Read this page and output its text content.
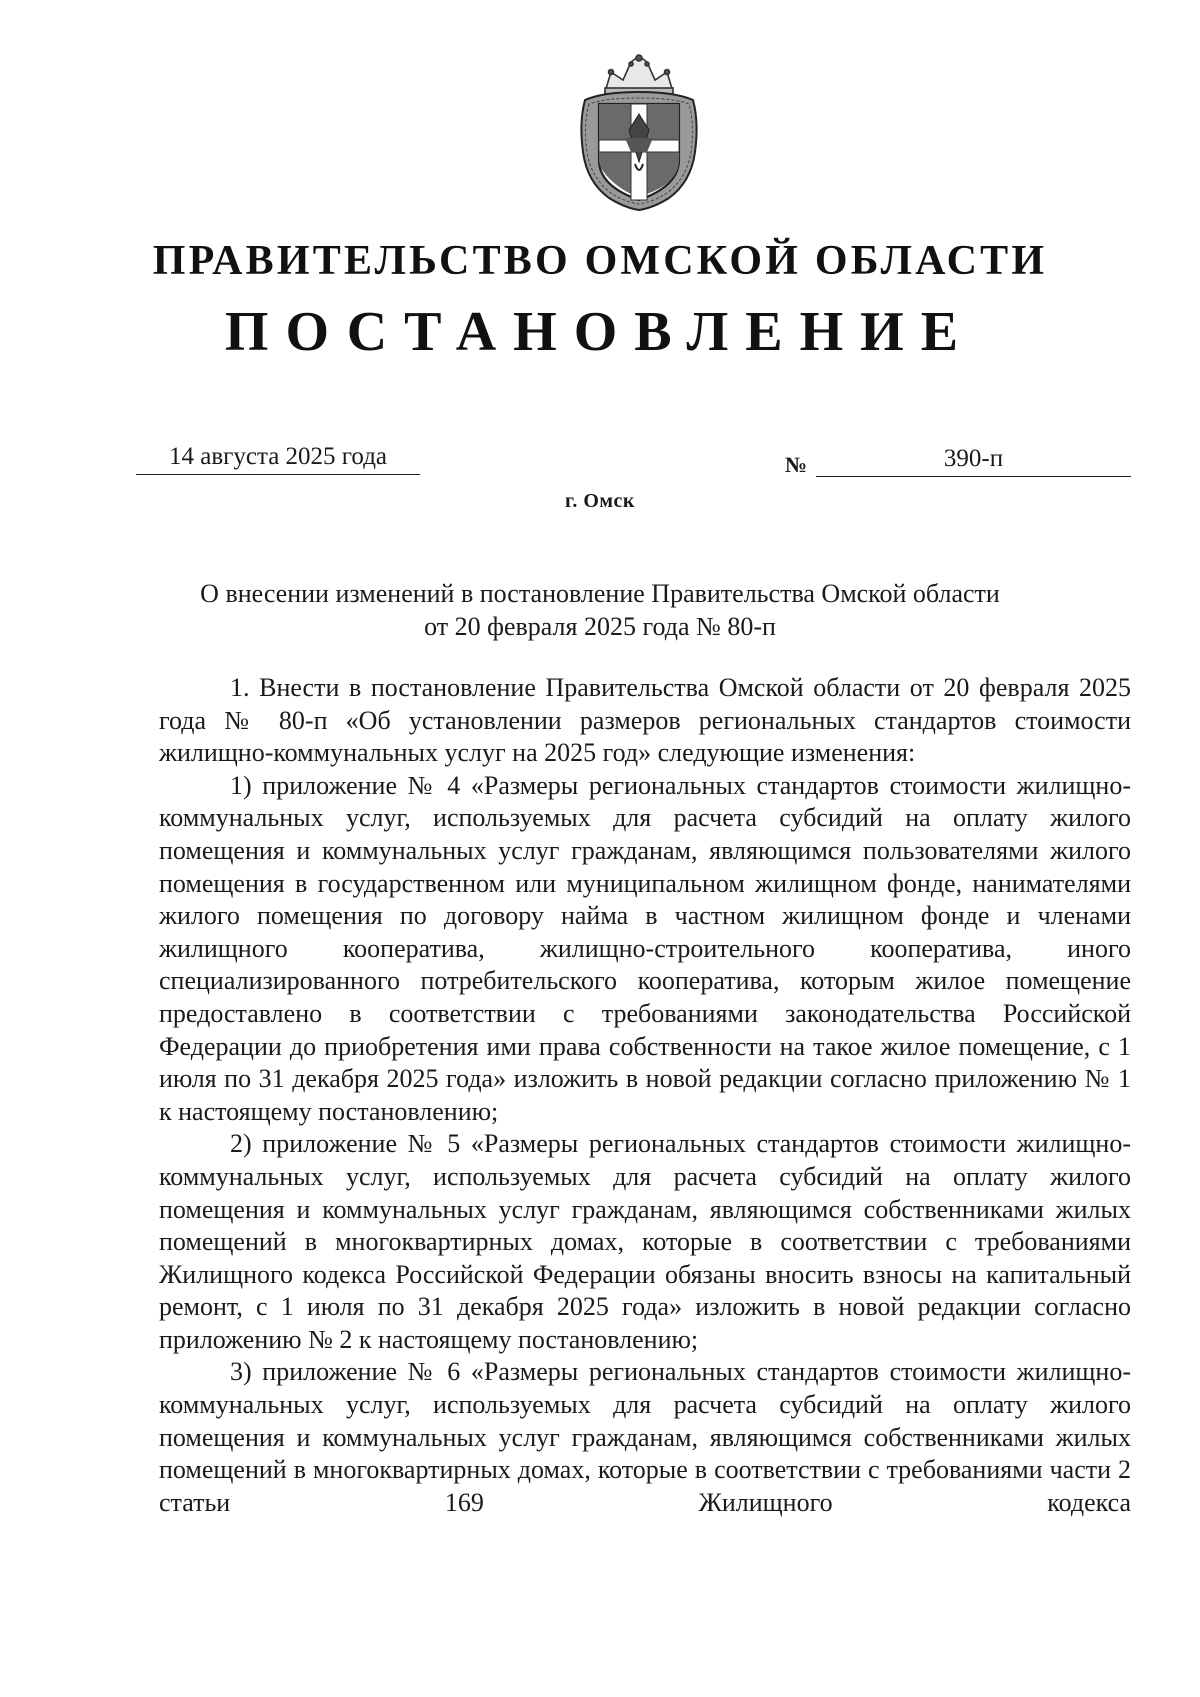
ПРАВИТЕЛЬСТВО ОМСКОЙ ОБЛАСТИ
ПОСТАНОВЛЕНИЕ
14 августа 2025 года	№	390-п
г. Омск
О внесении изменений в постановление Правительства Омской области
от 20 февраля 2025 года № 80-п

1. Внести в постановление Правительства Омской области от 20 февраля 2025 года № 80-п «Об установлении размеров региональных стандартов стоимости жилищно-коммунальных услуг на 2025 год» следующие изменения:

1) приложение № 4 «Размеры региональных стандартов стоимости жилищно-коммунальных услуг, используемых для расчета субсидий на оплату жилого помещения и коммунальных услуг гражданам, являющимся пользователями жилого помещения в государственном или муниципальном жилищном фонде, нанимателями жилого помещения по договору найма в частном жилищном фонде и членами жилищного кооператива, жилищно-строительного кооператива, иного специализированного потребительского кооператива, которым жилое помещение предоставлено в соответствии с требованиями законодательства Российской Федерации до приобретения ими права собственности на такое жилое помещение, с 1 июля по 31 декабря 2025 года» изложить в новой редакции согласно приложению № 1 к настоящему постановлению;

2) приложение № 5 «Размеры региональных стандартов стоимости жилищно-коммунальных услуг, используемых для расчета субсидий на оплату жилого помещения и коммунальных услуг гражданам, являющимся собственниками жилых помещений в многоквартирных домах, которые в соответствии с требованиями Жилищного кодекса Российской Федерации обязаны вносить взносы на капитальный ремонт, с 1 июля по 31 декабря 2025 года» изложить в новой редакции согласно приложению № 2 к настоящему постановлению;

3) приложение № 6 «Размеры региональных стандартов стоимости жилищно-коммунальных услуг, используемых для расчета субсидий на оплату жилого помещения и коммунальных услуг гражданам, являющимся собственниками жилых помещений в многоквартирных домах, которые в соответствии с требованиями части 2 статьи 169 Жилищного кодекса
